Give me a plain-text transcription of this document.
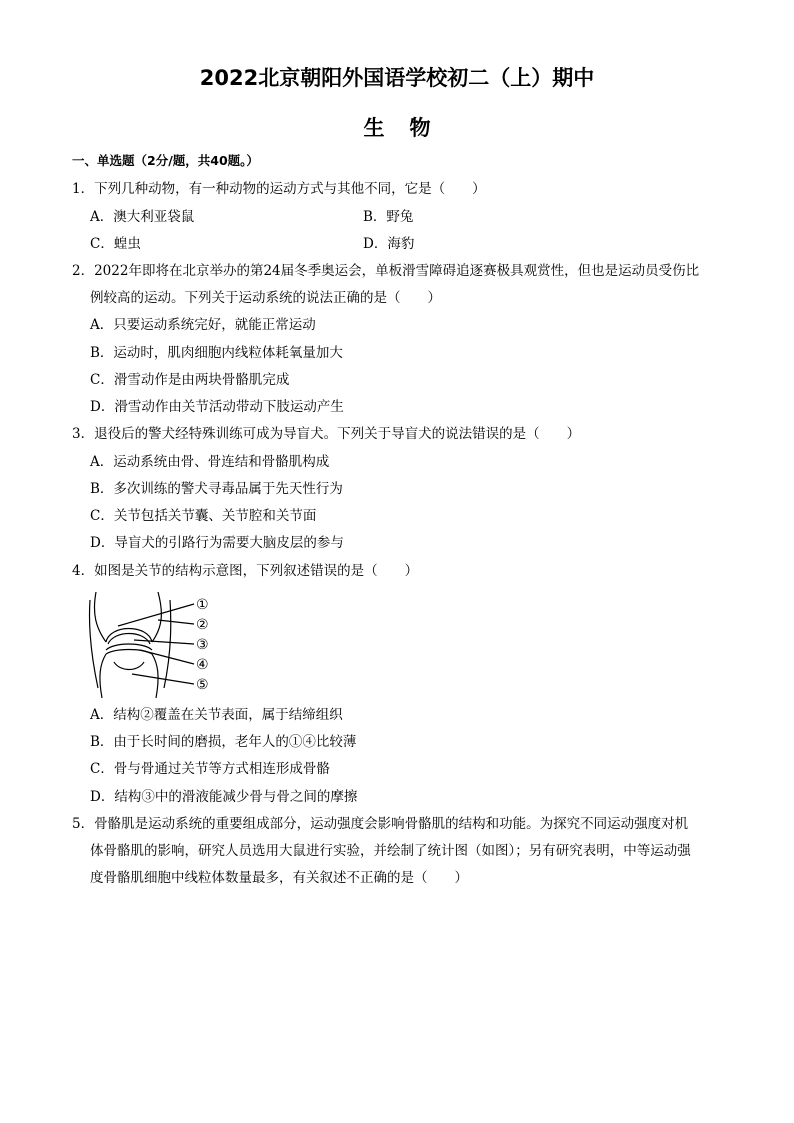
2022北京朝阳外国语学校初二（上）期中
生 物
一、单选题（2分/题，共40题。）
1．下列几种动物，有一种动物的运动方式与其他不同，它是（　　）
A．澳大利亚袋鼠	B．野兔
C．蝗虫	D．海豹
2．2022年即将在北京举办的第24届冬季奥运会，单板滑雪障碍追逐赛极具观赏性，但也是运动员受伤比
例较高的运动。下列关于运动系统的说法正确的是（　　）
A．只要运动系统完好，就能正常运动
B．运动时，肌肉细胞内线粒体耗氧量加大
C．滑雪动作是由两块骨骼肌完成
D．滑雪动作由关节活动带动下肢运动产生
3．退役后的警犬经特殊训练可成为导盲犬。下列关于导盲犬的说法错误的是（　　）
A．运动系统由骨、骨连结和骨骼肌构成
B．多次训练的警犬寻毒品属于先天性行为
C．关节包括关节囊、关节腔和关节面
D．导盲犬的引路行为需要大脑皮层的参与
4．如图是关节的结构示意图，下列叙述错误的是（　　）
①
②
③
④
⑤
A．结构②覆盖在关节表面，属于结缔组织
B．由于长时间的磨损，老年人的①④比较薄
C．骨与骨通过关节等方式相连形成骨骼
D．结构③中的滑液能减少骨与骨之间的摩擦
5．骨骼肌是运动系统的重要组成部分，运动强度会影响骨骼肌的结构和功能。为探究不同运动强度对机
体骨骼肌的影响，研究人员选用大鼠进行实验，并绘制了统计图（如图）；另有研究表明，中等运动强
度骨骼肌细胞中线粒体数量最多，有关叙述不正确的是（　　）
